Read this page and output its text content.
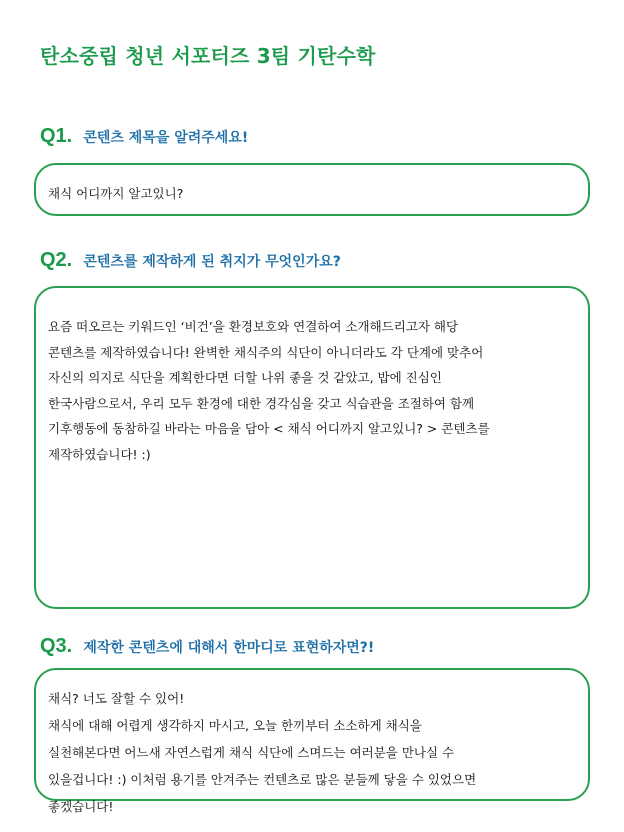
탄소중립 청년 서포터즈 3팀 기탄수학
Q1. 콘텐츠 제목을 알려주세요!
채식 어디까지 알고있니?
Q2. 콘텐츠를 제작하게 된 취지가 무엇인가요?
요즘 떠오르는 키워드인 ‘비건’을 환경보호와 연결하여 소개해드리고자 해당
콘텐츠를 제작하였습니다! 완벽한 채식주의 식단이 아니더라도 각 단계에 맞추어
자신의 의지로 식단을 계획한다면 더할 나위 좋을 것 같았고, 밥에 진심인
한국사람으로서, 우리 모두 환경에 대한 경각심을 갖고 식습관을 조절하여 함께
기후행동에 동참하길 바라는 마음을 담아 < 채식 어디까지 알고있니? > 콘텐츠를
제작하였습니다! :)
Q3. 제작한 콘텐츠에 대해서 한마디로 표현하자면?!
채식? 너도 잘할 수 있어!
채식에 대해 어렵게 생각하지 마시고, 오늘 한끼부터 소소하게 채식을
실천해본다면 어느새 자연스럽게 채식 식단에 스며드는 여러분을 만나실 수
있을겁니다! :) 이처럼 용기를 안겨주는 컨텐츠로 많은 분들께 닿을 수 있었으면
좋겠습니다!
